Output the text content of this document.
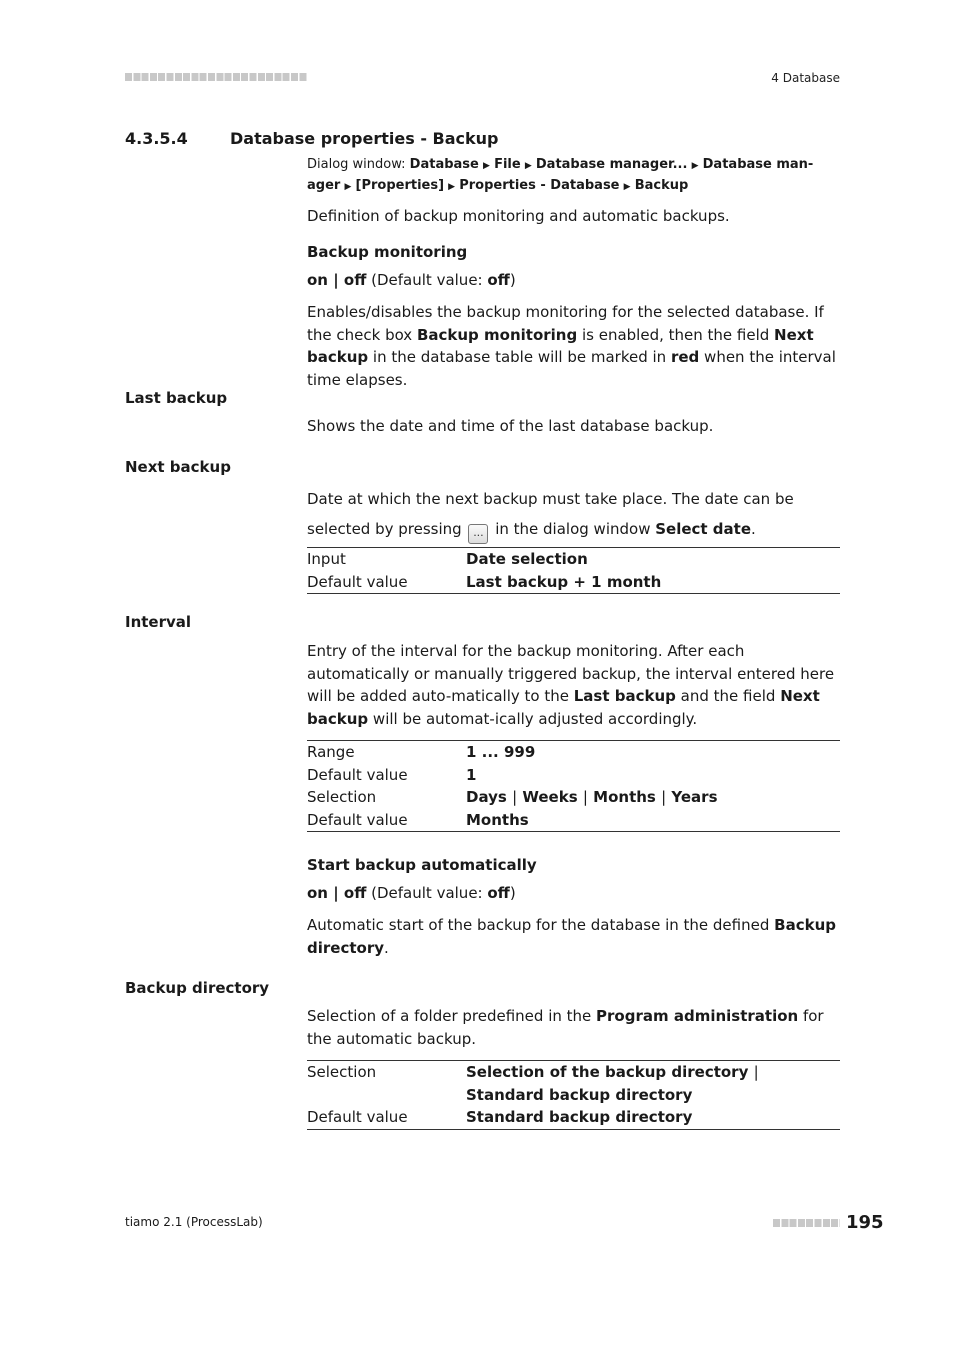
4 Database
4.3.5.4	Database properties - Backup
Dialog window: Database ▶ File ▶ Database manager... ▶ Database man-
ager ▶ [Properties] ▶ Properties - Database ▶ Backup
Definition of backup monitoring and automatic backups.
Backup monitoring
on | off (Default value: off)
Enables/disables the backup monitoring for the selected database. If the check box Backup monitoring is enabled, then the field Next backup in the database table will be marked in red when the interval time elapses.
Last backup
Shows the date and time of the last database backup.
Next backup
Date at which the next backup must take place. The date can be selected by pressing ... in the dialog window Select date.
Input	Date selection
Default value	Last backup + 1 month
Interval
Entry of the interval for the backup monitoring. After each automatically or manually triggered backup, the interval entered here will be added auto-matically to the Last backup and the field Next backup will be automat-ically adjusted accordingly.
Range	1 ... 999
Default value	1
Selection	Days | Weeks | Months | Years
Default value	Months
Start backup automatically
on | off (Default value: off)
Automatic start of the backup for the database in the defined Backup directory.
Backup directory
Selection of a folder predefined in the Program administration for the automatic backup.
Selection	Selection of the backup directory | Standard backup directory
Default value	Standard backup directory
tiamo 2.1 (ProcessLab)	195
